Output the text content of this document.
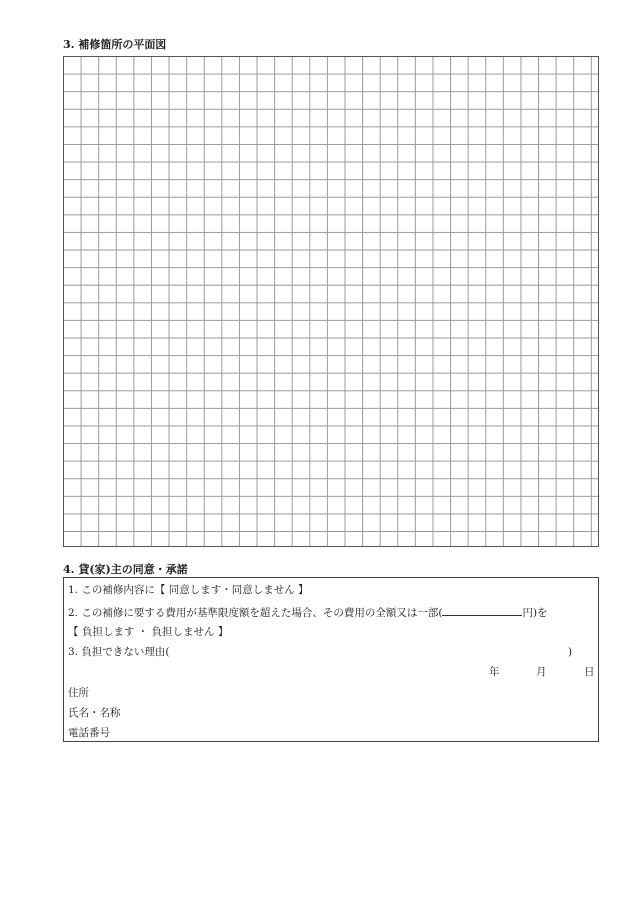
3. 補修箇所の平面図
4. 貸(家)主の同意・承諾
1. この補修内容に【 同意します・同意しません 】
2. この補修に要する費用が基準限度額を超えた場合、その費用の全額又は一部(	円)を
【 負担します ・ 負担しません 】
3. 負担できない理由(	)
年	月	日
住所
氏名・名称
電話番号
